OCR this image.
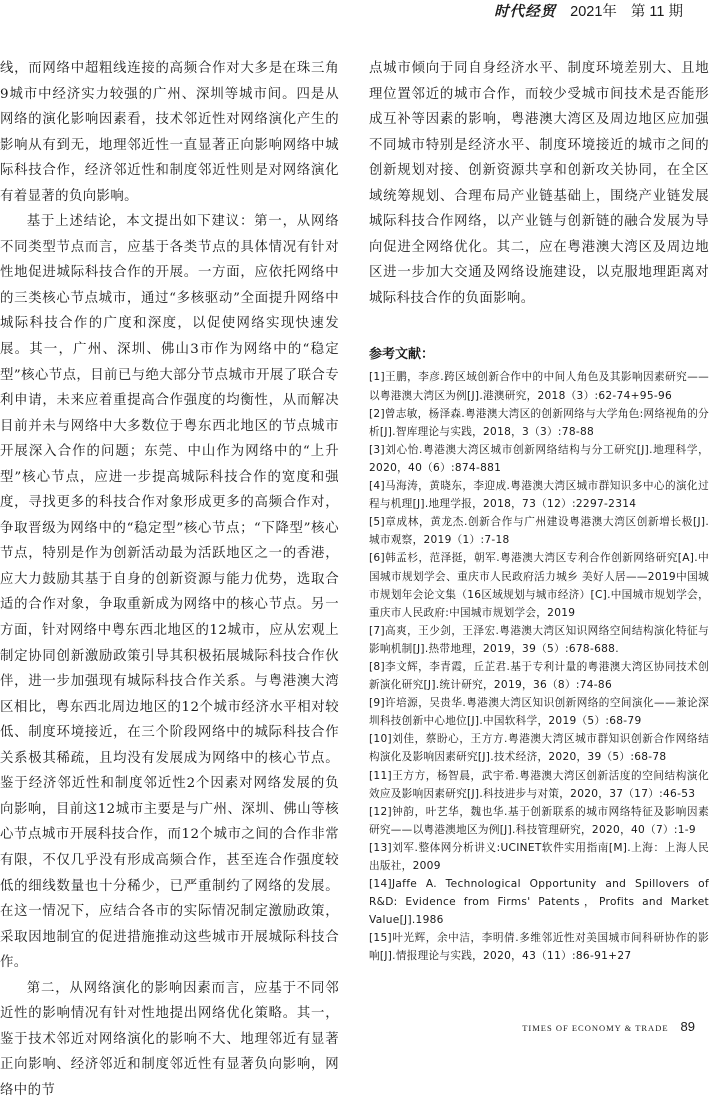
时代经贸 2021年 第 11 期

线，而网络中超粗线连接的高频合作对大多是在珠三角9城市中经济实力较强的广州、深圳等城市间。四是从网络的演化影响因素看，技术邻近性对网络演化产生的影响从有到无，地理邻近性一直显著正向影响网络中城际科技合作，经济邻近性和制度邻近性则是对网络演化有着显著的负向影响。

基于上述结论，本文提出如下建议：第一，从网络不同类型节点而言，应基于各类节点的具体情况有针对性地促进城际科技合作的开展。一方面，应依托网络中的三类核心节点城市，通过“多核驱动”全面提升网络中城际科技合作的广度和深度，以促使网络实现快速发展。其一，广州、深圳、佛山3市作为网络中的“稳定型”核心节点，目前已与绝大部分节点城市开展了联合专利申请，未来应着重提高合作强度的均衡性，从而解决目前并未与网络中大多数位于粤东西北地区的节点城市开展深入合作的问题；东莞、中山作为网络中的“上升型”核心节点，应进一步提高城际科技合作的宽度和强度，寻找更多的科技合作对象形成更多的高频合作对，争取晋级为网络中的“稳定型”核心节点；“下降型”核心节点，特别是作为创新活动最为活跃地区之一的香港，应大力鼓励其基于自身的创新资源与能力优势，选取合适的合作对象，争取重新成为网络中的核心节点。另一方面，针对网络中粤东西北地区的12城市，应从宏观上制定协同创新激励政策引导其积极拓展城际科技合作伙伴，进一步加强现有城际科技合作关系。与粤港澳大湾区相比，粤东西北周边地区的12个城市经济水平相对较低、制度环境接近，在三个阶段网络中的城际科技合作关系极其稀疏，且均没有发展成为网络中的核心节点。鉴于经济邻近性和制度邻近性2个因素对网络发展的负向影响，目前这12城市主要是与广州、深圳、佛山等核心节点城市开展科技合作，而12个城市之间的合作非常有限，不仅几乎没有形成高频合作，甚至连合作强度较低的细线数量也十分稀少，已严重制约了网络的发展。在这一情况下，应结合各市的实际情况制定激励政策，采取因地制宜的促进措施推动这些城市开展城际科技合作。

第二，从网络演化的影响因素而言，应基于不同邻近性的影响情况有针对性地提出网络优化策略。其一，鉴于技术邻近对网络演化的影响不大、地理邻近有显著正向影响、经济邻近和制度邻近性有显著负向影响，网络中的节

点城市倾向于同自身经济水平、制度环境差别大、且地理位置邻近的城市合作，而较少受城市间技术是否能形成互补等因素的影响，粤港澳大湾区及周边地区应加强不同城市特别是经济水平、制度环境接近的城市之间的创新规划对接、创新资源共享和创新攻关协同，在全区域统筹规划、合理布局产业链基础上，围绕产业链发展城际科技合作网络，以产业链与创新链的融合发展为导向促进全网络优化。其二，应在粤港澳大湾区及周边地区进一步加大交通及网络设施建设，以克服地理距离对城际科技合作的负面影响。

参考文献：
[1]王鹏，李彦.跨区域创新合作中的中间人角色及其影响因素研究——以粤港澳大湾区为例[J].港澳研究，2018（3）:62-74+95-96
[2]曾志敏，杨泽森.粤港澳大湾区的创新网络与大学角色:网络视角的分析[J].智库理论与实践，2018，3（3）:78-88
[3]刘心怡.粤港澳大湾区城市创新网络结构与分工研究[J].地理科学，2020，40（6）:874-881
[4]马海涛，黄晓东，李迎成.粤港澳大湾区城市群知识多中心的演化过程与机理[J].地理学报，2018，73（12）:2297-2314
[5]章成林，黄龙杰.创新合作与广州建设粤港澳大湾区创新增长极[J].城市观察，2019（1）:7-18
[6]韩孟杉，范泽挺，朝军.粤港澳大湾区专利合作创新网络研究[A].中国城市规划学会、重庆市人民政府活力城乡 美好人居——2019中国城市规划年会论文集（16区域规划与城市经济）[C].中国城市规划学会，重庆市人民政府:中国城市规划学会，2019
[7]高爽，王少剑，王泽宏.粤港澳大湾区知识网络空间结构演化特征与影响机制[J].热带地理，2019，39（5）:678-688.
[8]李文辉，李青霞，丘芷君.基于专利计量的粤港澳大湾区协同技术创新演化研究[J].统计研究，2019，36（8）:74-86
[9]许培源，吴贵华.粤港澳大湾区知识创新网络的空间演化——兼论深圳科技创新中心地位[J].中国软科学，2019（5）:68-79
[10]刘佳，蔡盼心，王方方.粤港澳大湾区城市群知识创新合作网络结构演化及影响因素研究[J].技术经济，2020，39（5）:68-78
[11]王方方，杨智晨，武宇希.粤港澳大湾区创新活度的空间结构演化效应及影响因素研究[J].科技进步与对策，2020，37（17）:46-53
[12]钟韵，叶艺华，魏也华.基于创新联系的城市网络特征及影响因素研究——以粤港澳地区为例[J].科技管理研究，2020，40（7）:1-9
[13]刘军.整体网分析讲义:UCINET软件实用指南[M].上海：上海人民出版社，2009
[14]Jaffe A. Technological Opportunity and Spillovers of R&D: Evidence from Firms' Patents，Profits and Market Value[J].1986
[15]叶光辉，余中洁，李明倩.多维邻近性对美国城市间科研协作的影响[J].情报理论与实践，2020，43（11）:86-91+27
TIMES OF ECONOMY & TRADE 89
